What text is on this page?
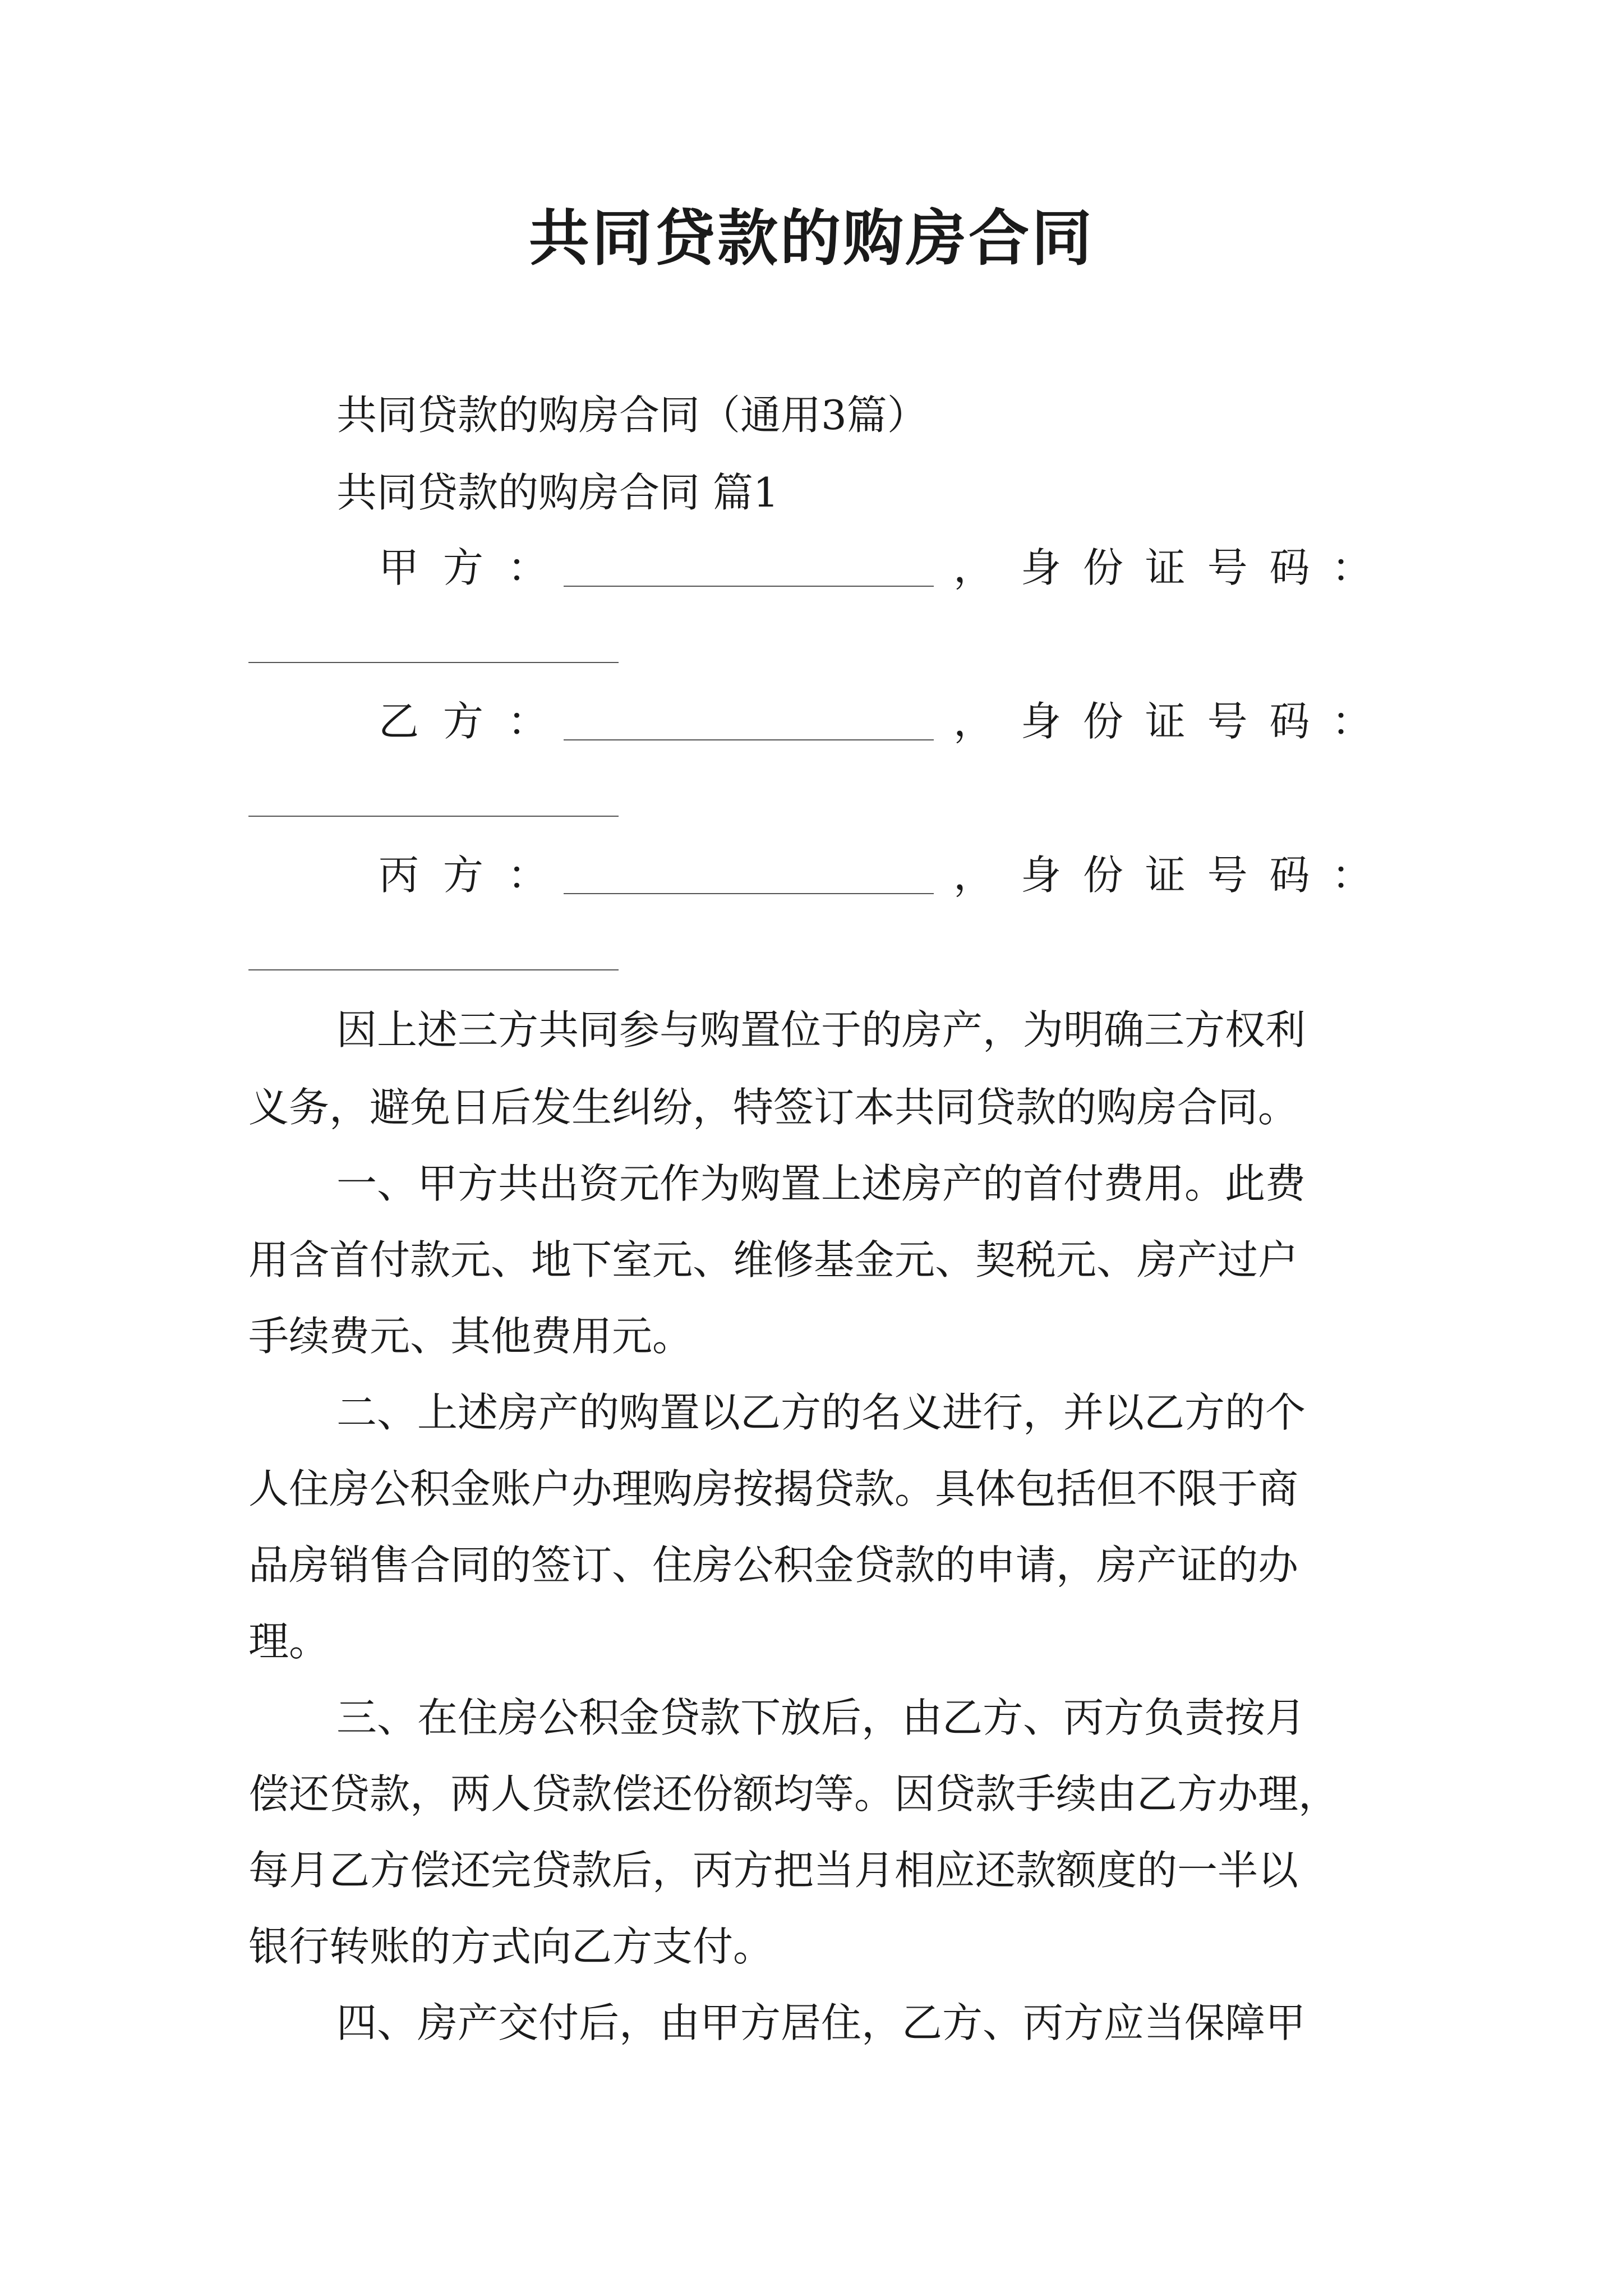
共同贷款的购房合同
共同贷款的购房合同（通用3篇）
共同贷款的购房合同 篇1
甲 方 ：	， 身 份 证 号 码 ：
乙 方 ：	， 身 份 证 号 码 ：
丙 方 ：	， 身 份 证 号 码 ：
因上述三方共同参与购置位于的房产，为明确三方权利
义务，避免日后发生纠纷，特签订本共同贷款的购房合同。
一、甲方共出资元作为购置上述房产的首付费用。此费
用含首付款元、地下室元、维修基金元、契税元、房产过户
手续费元、其他费用元。
二、上述房产的购置以乙方的名义进行，并以乙方的个
人住房公积金账户办理购房按揭贷款。具体包括但不限于商
品房销售合同的签订、住房公积金贷款的申请，房产证的办
理。
三、在住房公积金贷款下放后，由乙方、丙方负责按月
偿还贷款，两人贷款偿还份额均等。因贷款手续由乙方办理，
每月乙方偿还完贷款后，丙方把当月相应还款额度的一半以
银行转账的方式向乙方支付。
四、房产交付后，由甲方居住，乙方、丙方应当保障甲
